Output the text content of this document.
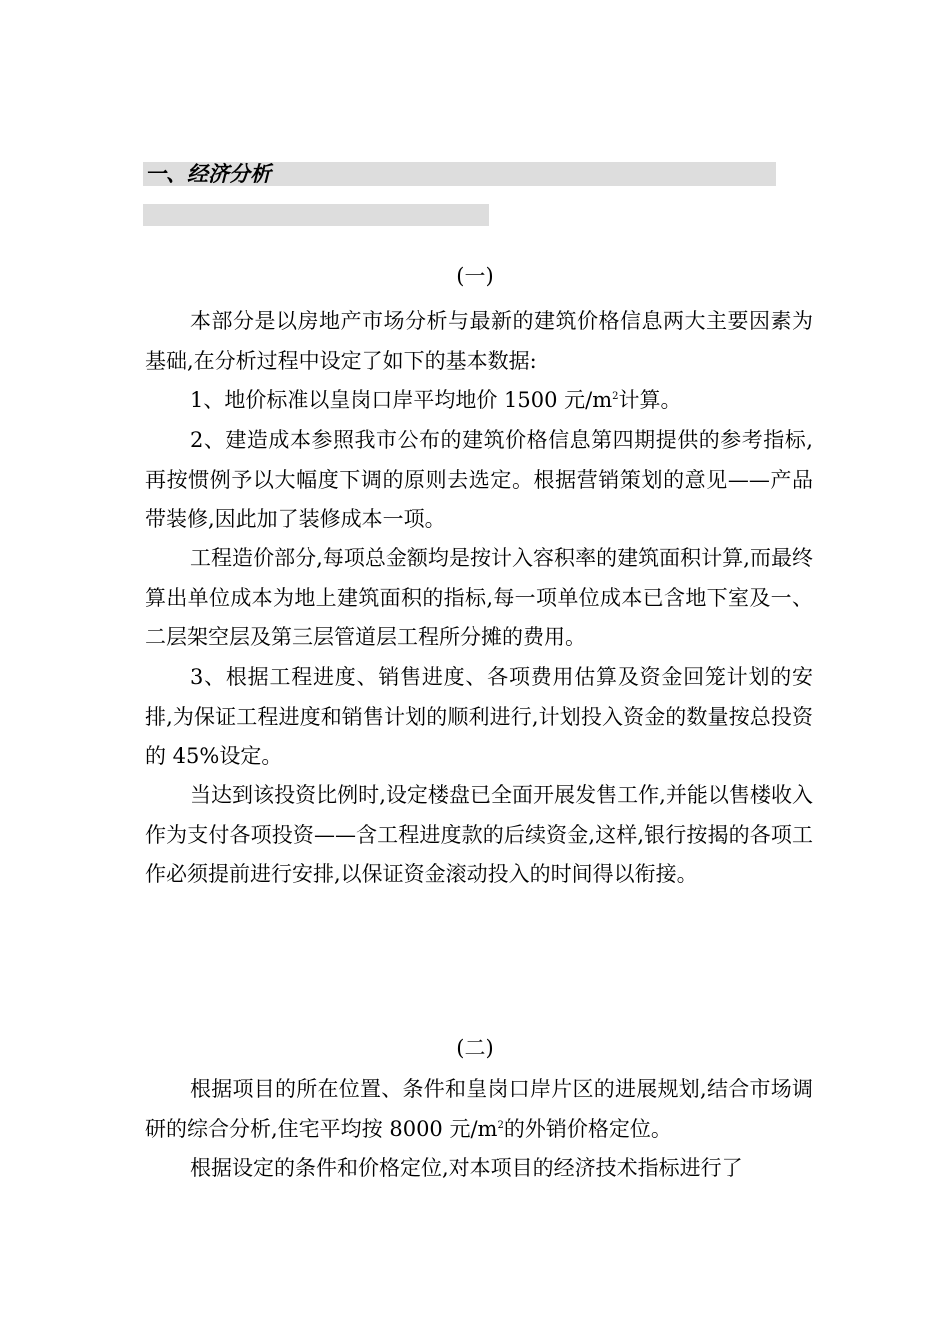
一、经济分析
(一)
本部分是以房地产市场分析与最新的建筑价格信息两大主要因素为基础,在分析过程中设定了如下的基本数据:
1、地价标准以皇岗口岸平均地价 1500 元$/m^2$计算。
2、建造成本参照我市公布的建筑价格信息第四期提供的参考指标,再按惯例予以大幅度下调的原则去选定。根据营销策划的意见——产品带装修,因此加了装修成本一项。
工程造价部分,每项总金额均是按计入容积率的建筑面积计算,而最终算出单位成本为地上建筑面积的指标,每一项单位成本已含地下室及一、二层架空层及第三层管道层工程所分摊的费用。
3、根据工程进度、销售进度、各项费用估算及资金回笼计划的安排,为保证工程进度和销售计划的顺利进行,计划投入资金的数量按总投资的 45%设定。
当达到该投资比例时,设定楼盘已全面开展发售工作,并能以售楼收入作为支付各项投资——含工程进度款的后续资金,这样,银行按揭的各项工作必须提前进行安排,以保证资金滚动投入的时间得以衔接。
(二)
根据项目的所在位置、条件和皇岗口岸片区的进展规划,结合市场调研的综合分析,住宅平均按 8000 元$/m^2$的外销价格定位。
根据设定的条件和价格定位,对本项目的经济技术指标进行了
